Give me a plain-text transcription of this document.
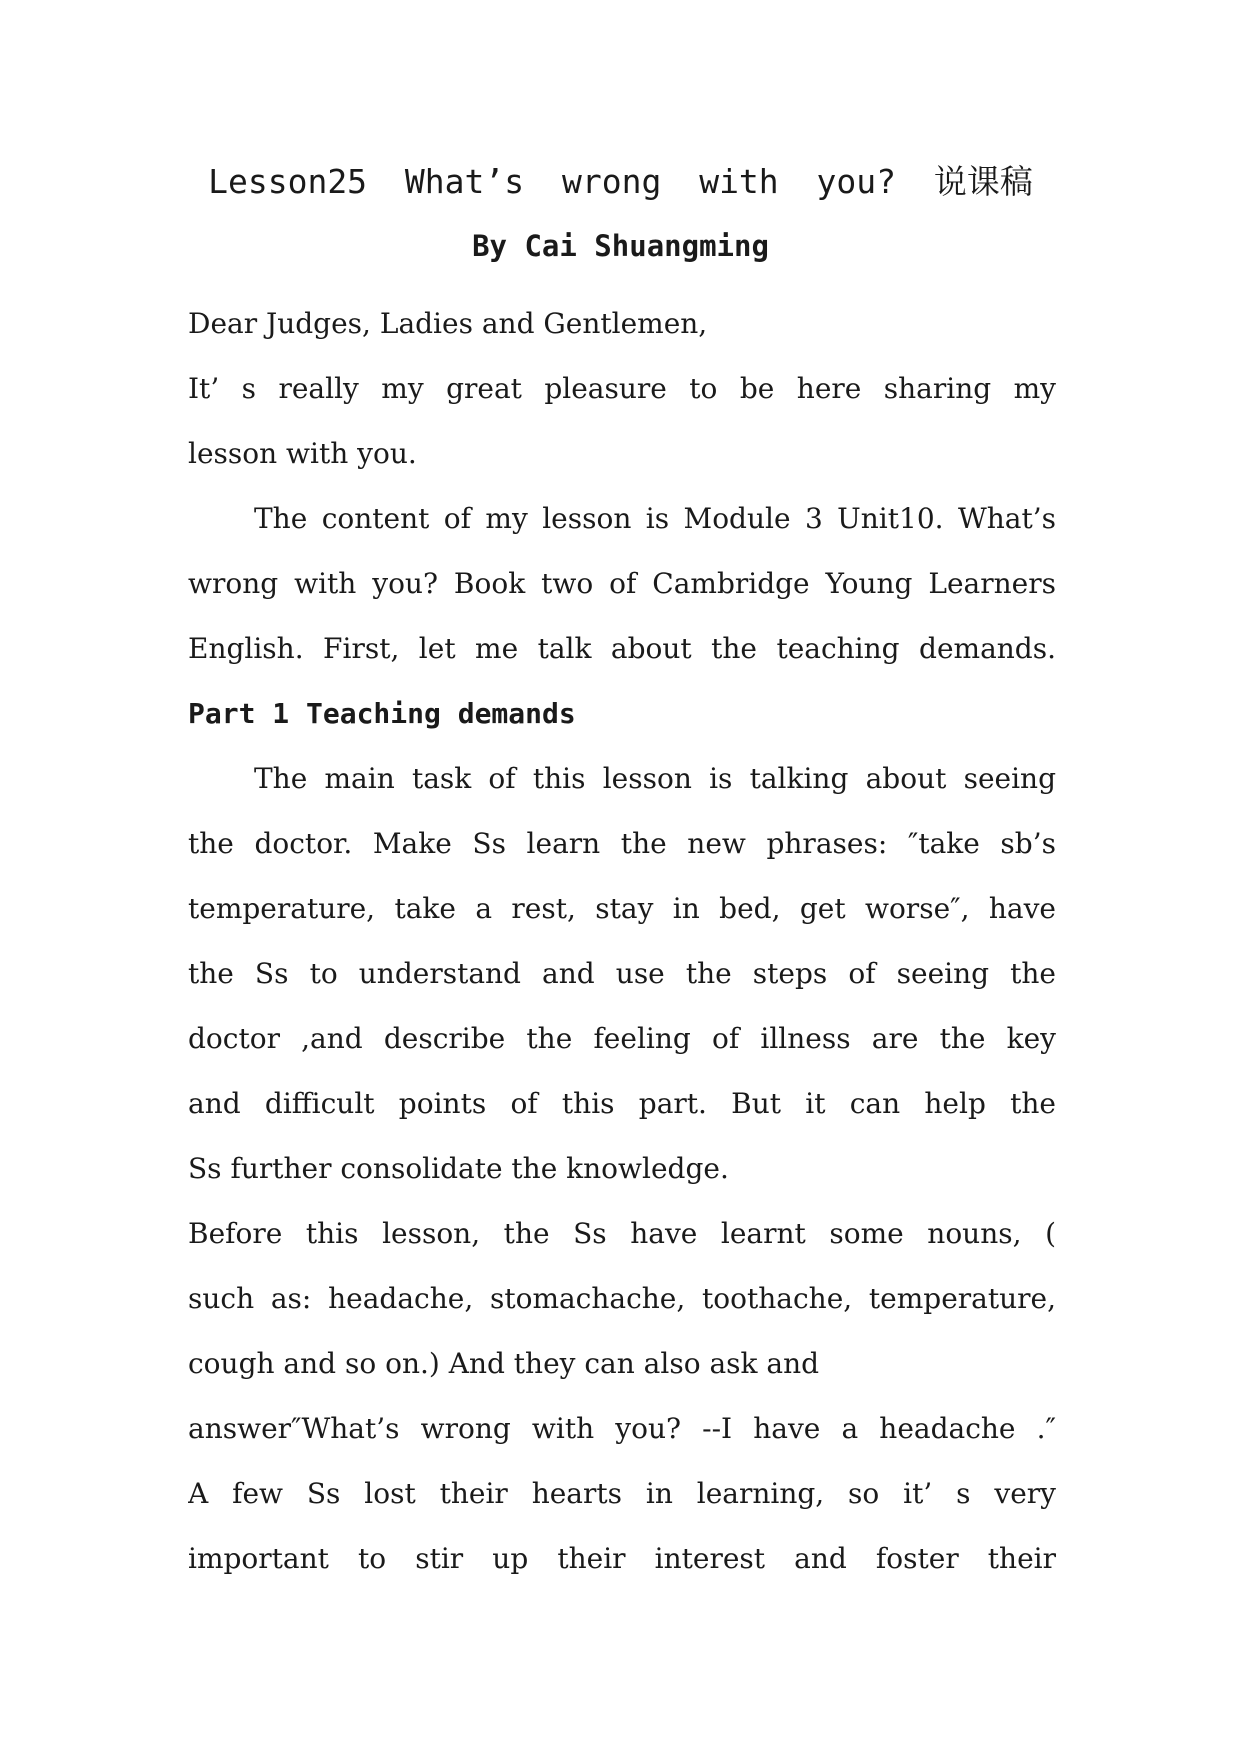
Lesson25 What’s wrong with you? 说课稿
By Cai Shuangming
Dear Judges, Ladies and Gentlemen,
It’ s really my great pleasure to be here sharing my
lesson with you.
The content of my lesson is Module 3 Unit10. What’s
wrong with you? Book two of Cambridge Young Learners
English. First, let me talk about the teaching demands.
Part 1 Teaching demands
The main task of this lesson is talking about seeing
the doctor. Make Ss learn the new phrases: ″take sb’s
temperature, take a rest, stay in bed, get worse″, have
the Ss to understand and use the steps of seeing the
doctor ,and describe the feeling of illness are the key
and difficult points of this part. But it can help the
Ss further consolidate the knowledge.
Before this lesson, the Ss have learnt some nouns, (
such as: headache, stomachache, toothache, temperature,
cough and so on.) And they can also ask and
answer″What’s wrong with you? --I have a headache .″
A few Ss lost their hearts in learning, so it’ s very
important to stir up their interest and foster their
